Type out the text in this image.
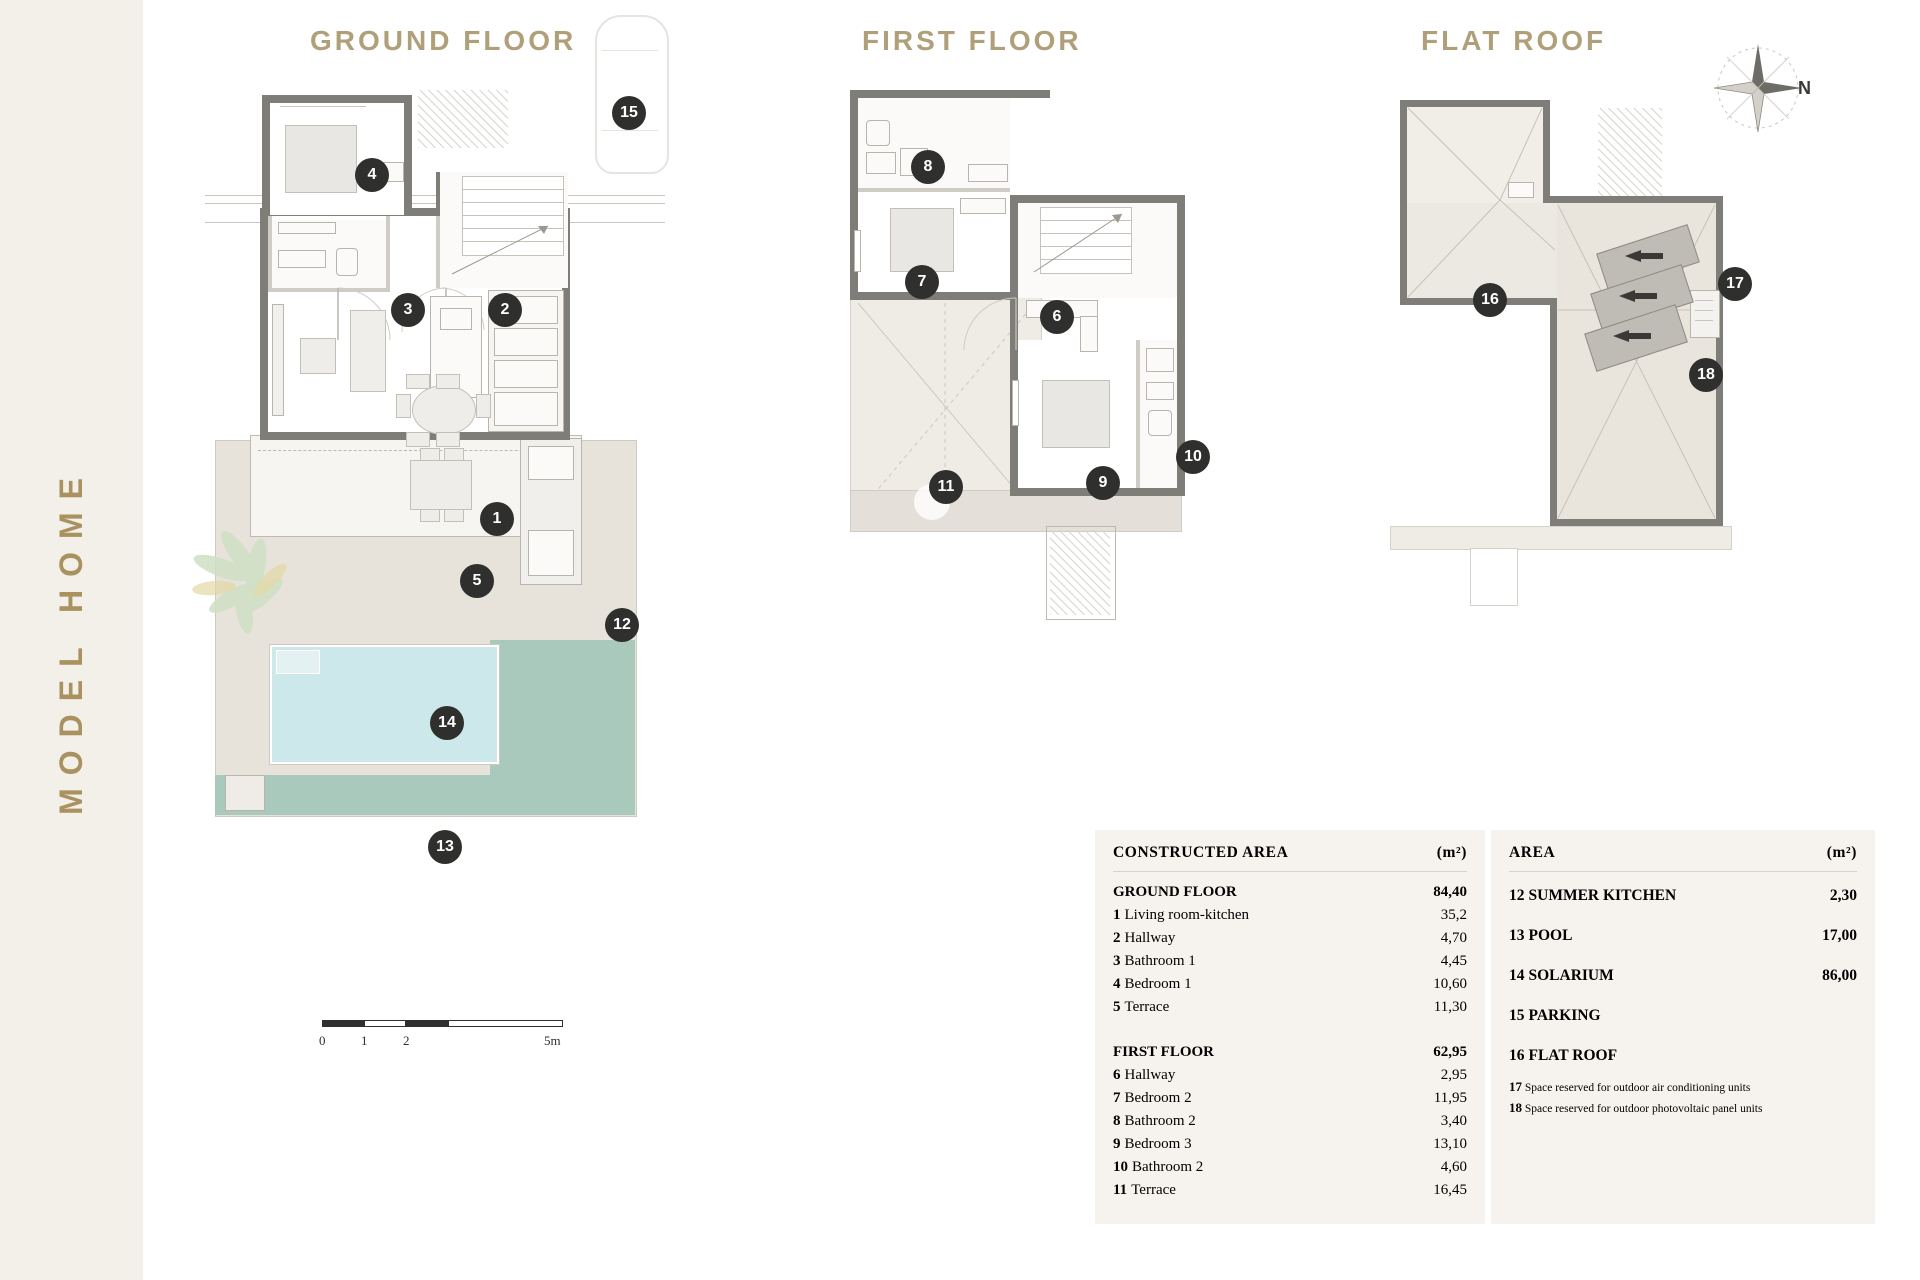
MODEL HOME
GROUND FLOOR	FIRST FLOOR	FLAT ROOF
N
1
2
3
4
5
6
7
8
9
10
11
12
13
14
15
16
17
18
0	1	2	5m
CONSTRUCTED AREA	(m²)
GROUND FLOOR	84,40
1 Living room-kitchen	35,2
2 Hallway	4,70
3 Bathroom 1	4,45
4 Bedroom 1	10,60
5 Terrace	11,30
FIRST FLOOR	62,95
6 Hallway	2,95
7 Bedroom 2	11,95
8 Bathroom 2	3,40
9 Bedroom 3	13,10
10 Bathroom 2	4,60
11 Terrace	16,45
AREA	(m²)
12 SUMMER KITCHEN	2,30
13 POOL	17,00
14 SOLARIUM	86,00
15 PARKING
16 FLAT ROOF
17 Space reserved for outdoor air conditioning units
18 Space reserved for outdoor photovoltaic panel units
